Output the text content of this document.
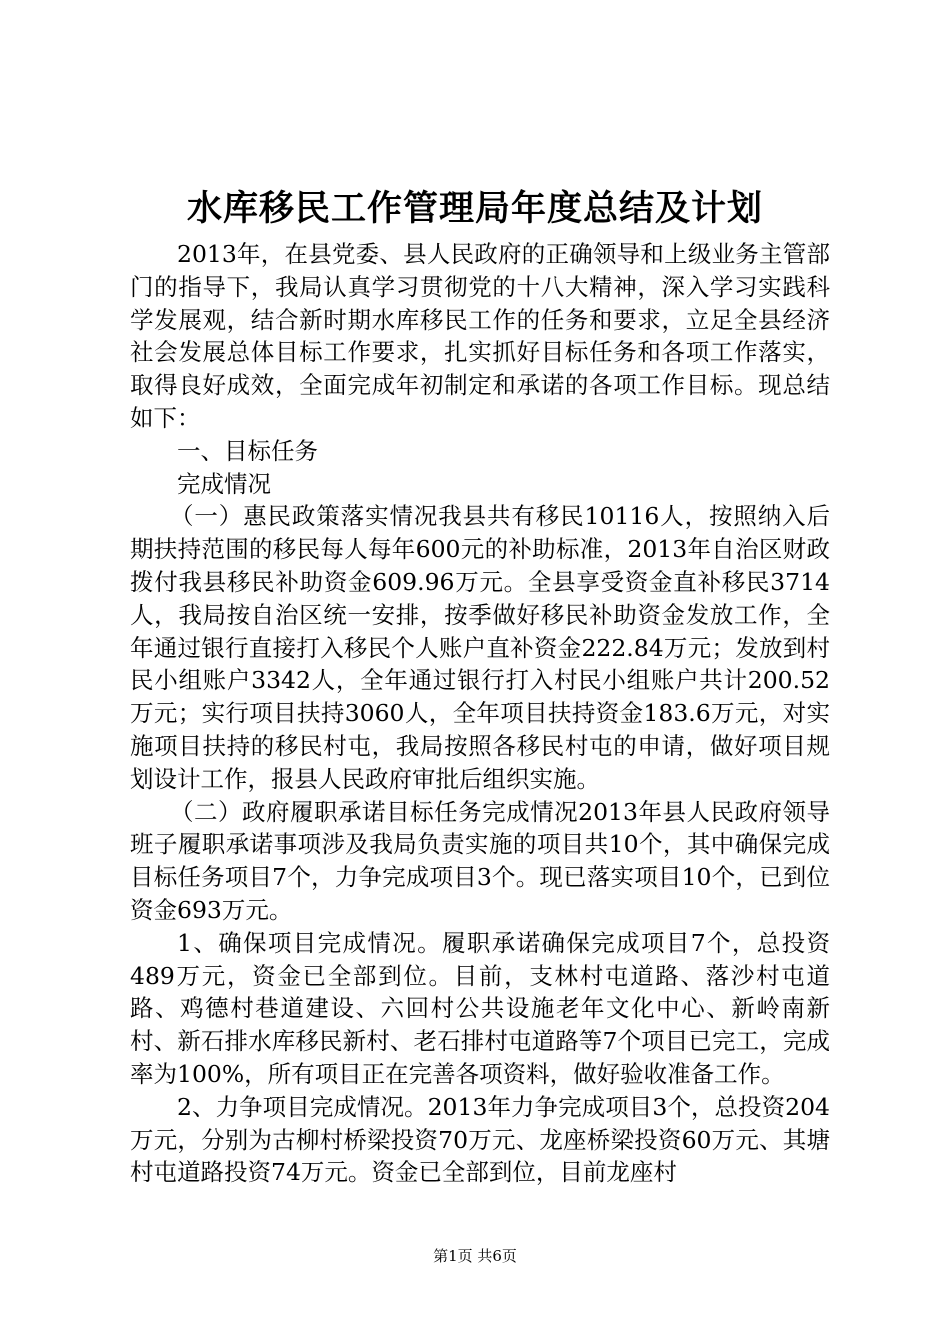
水库移民工作管理局年度总结及计划

2013年，在县党委、县人民政府的正确领导和上级业务主管部门的指导下，我局认真学习贯彻党的十八大精神，深入学习实践科学发展观，结合新时期水库移民工作的任务和要求，立足全县经济社会发展总体目标工作要求，扎实抓好目标任务和各项工作落实，取得良好成效，全面完成年初制定和承诺的各项工作目标。现总结如下：

一、目标任务

完成情况

（一）惠民政策落实情况我县共有移民10116人，按照纳入后期扶持范围的移民每人每年600元的补助标准，2013年自治区财政拨付我县移民补助资金609.96万元。全县享受资金直补移民3714人，我局按自治区统一安排，按季做好移民补助资金发放工作，全年通过银行直接打入移民个人账户直补资金222.84万元；发放到村民小组账户3342人，全年通过银行打入村民小组账户共计200.52万元；实行项目扶持3060人，全年项目扶持资金183.6万元，对实施项目扶持的移民村屯，我局按照各移民村屯的申请，做好项目规划设计工作，报县人民政府审批后组织实施。

（二）政府履职承诺目标任务完成情况2013年县人民政府领导班子履职承诺事项涉及我局负责实施的项目共10个，其中确保完成目标任务项目7个，力争完成项目3个。现已落实项目10个，已到位资金693万元。

1、确保项目完成情况。履职承诺确保完成项目7个，总投资489万元，资金已全部到位。目前，支林村屯道路、落沙村屯道路、鸡德村巷道建设、六回村公共设施老年文化中心、新岭南新村、新石排水库移民新村、老石排村屯道路等7个项目已完工，完成率为100%，所有项目正在完善各项资料，做好验收准备工作。

2、力争项目完成情况。2013年力争完成项目3个，总投资204万元，分别为古柳村桥梁投资70万元、龙座桥梁投资60万元、其塘村屯道路投资74万元。资金已全部到位，目前龙座村

第1页 共6页
